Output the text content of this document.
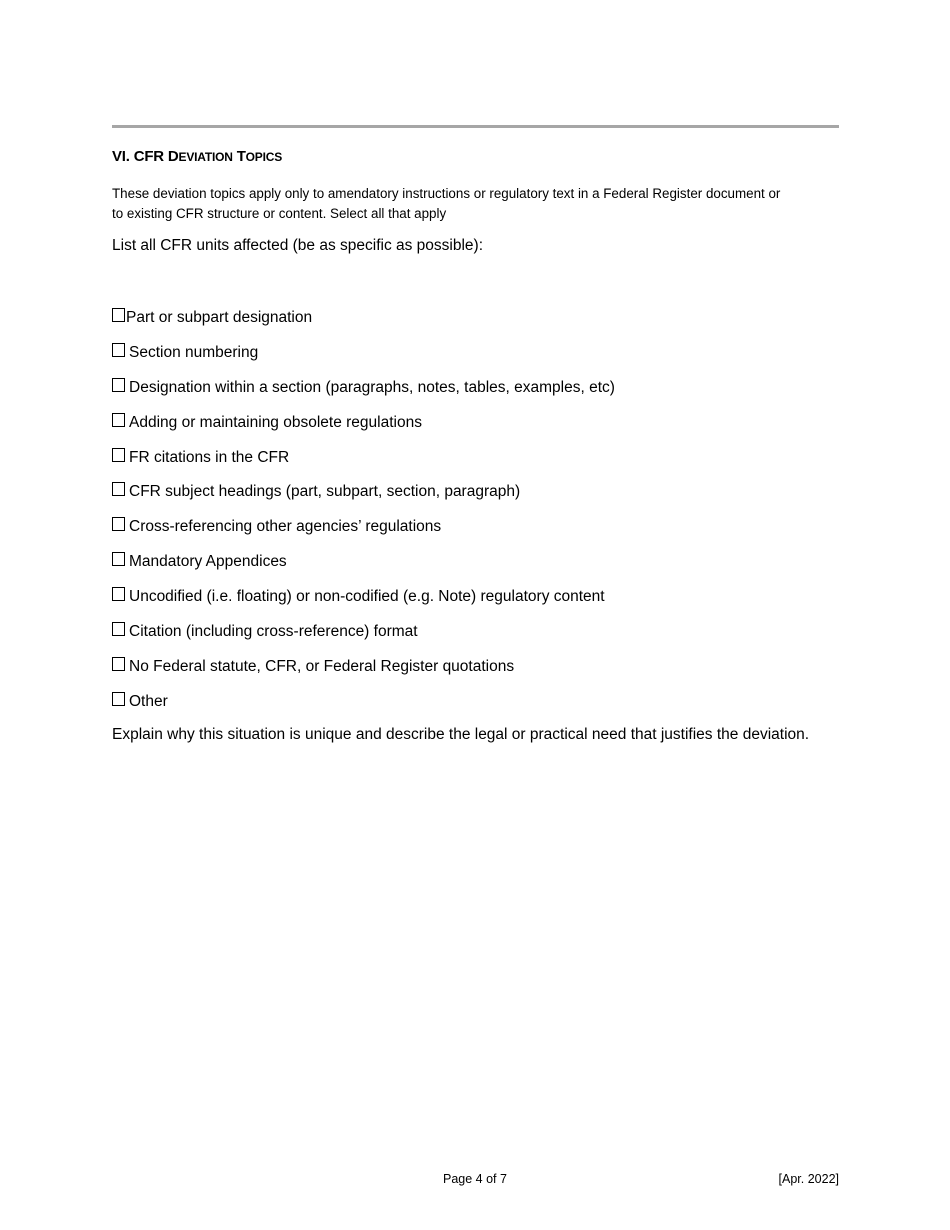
VI. CFR DEVIATION TOPICS
These deviation topics apply only to amendatory instructions or regulatory text in a Federal Register document or
to existing CFR structure or content. Select all that apply
List all CFR units affected (be as specific as possible):
Part or subpart designation
Section numbering
Designation within a section (paragraphs, notes, tables, examples, etc)
Adding or maintaining obsolete regulations
FR citations in the CFR
CFR subject headings (part, subpart, section, paragraph)
Cross-referencing other agencies’ regulations
Mandatory Appendices
Uncodified (i.e. floating) or non-codified (e.g. Note) regulatory content
Citation (including cross-reference) format
No Federal statute, CFR, or Federal Register quotations
Other
Explain why this situation is unique and describe the legal or practical need that justifies the deviation.
Page 4 of 7	[Apr. 2022]
